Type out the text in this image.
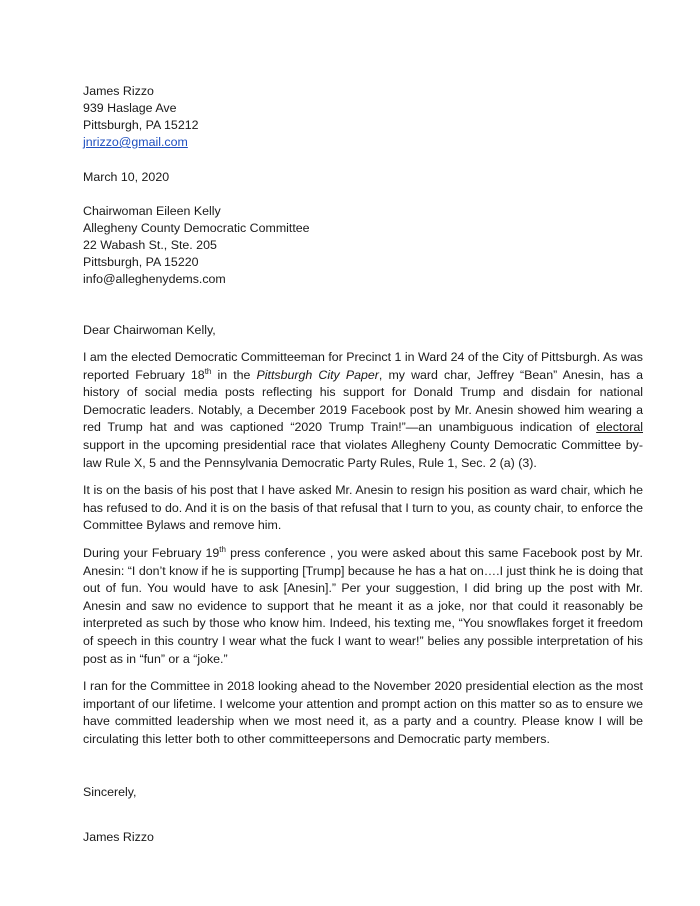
James Rizzo
939 Haslage Ave
Pittsburgh, PA 15212
jnrizzo@gmail.com
March 10, 2020
Chairwoman Eileen Kelly
Allegheny County Democratic Committee
22 Wabash St., Ste. 205
Pittsburgh, PA 15220
info@alleghenydems.com
Dear Chairwoman Kelly,

I am the elected Democratic Committeeman for Precinct 1 in Ward 24 of the City of Pittsburgh. As was reported February 18th in the Pittsburgh City Paper, my ward char, Jeffrey “Bean” Anesin, has a history of social media posts reflecting his support for Donald Trump and disdain for national Democratic leaders. Notably, a December 2019 Facebook post by Mr. Anesin showed him wearing a red Trump hat and was captioned “2020 Trump Train!”—an unambiguous indication of electoral support in the upcoming presidential race that violates Allegheny County Democratic Committee by-law Rule X, 5 and the Pennsylvania Democratic Party Rules, Rule 1, Sec. 2 (a) (3).

It is on the basis of his post that I have asked Mr. Anesin to resign his position as ward chair, which he has refused to do. And it is on the basis of that refusal that I turn to you, as county chair, to enforce the Committee Bylaws and remove him.

During your February 19th press conference , you were asked about this same Facebook post by Mr. Anesin: “I don’t know if he is supporting [Trump] because he has a hat on….I just think he is doing that out of fun. You would have to ask [Anesin].” Per your suggestion, I did bring up the post with Mr. Anesin and saw no evidence to support that he meant it as a joke, nor that could it reasonably be interpreted as such by those who know him. Indeed, his texting me, “You snowflakes forget it freedom of speech in this country I wear what the fuck I want to wear!” belies any possible interpretation of his post as in “fun” or a “joke.”

I ran for the Committee in 2018 looking ahead to the November 2020 presidential election as the most important of our lifetime. I welcome your attention and prompt action on this matter so as to ensure we have committed leadership when we most need it, as a party and a country. Please know I will be circulating this letter both to other committeepersons and Democratic party members.

Sincerely,
James Rizzo
